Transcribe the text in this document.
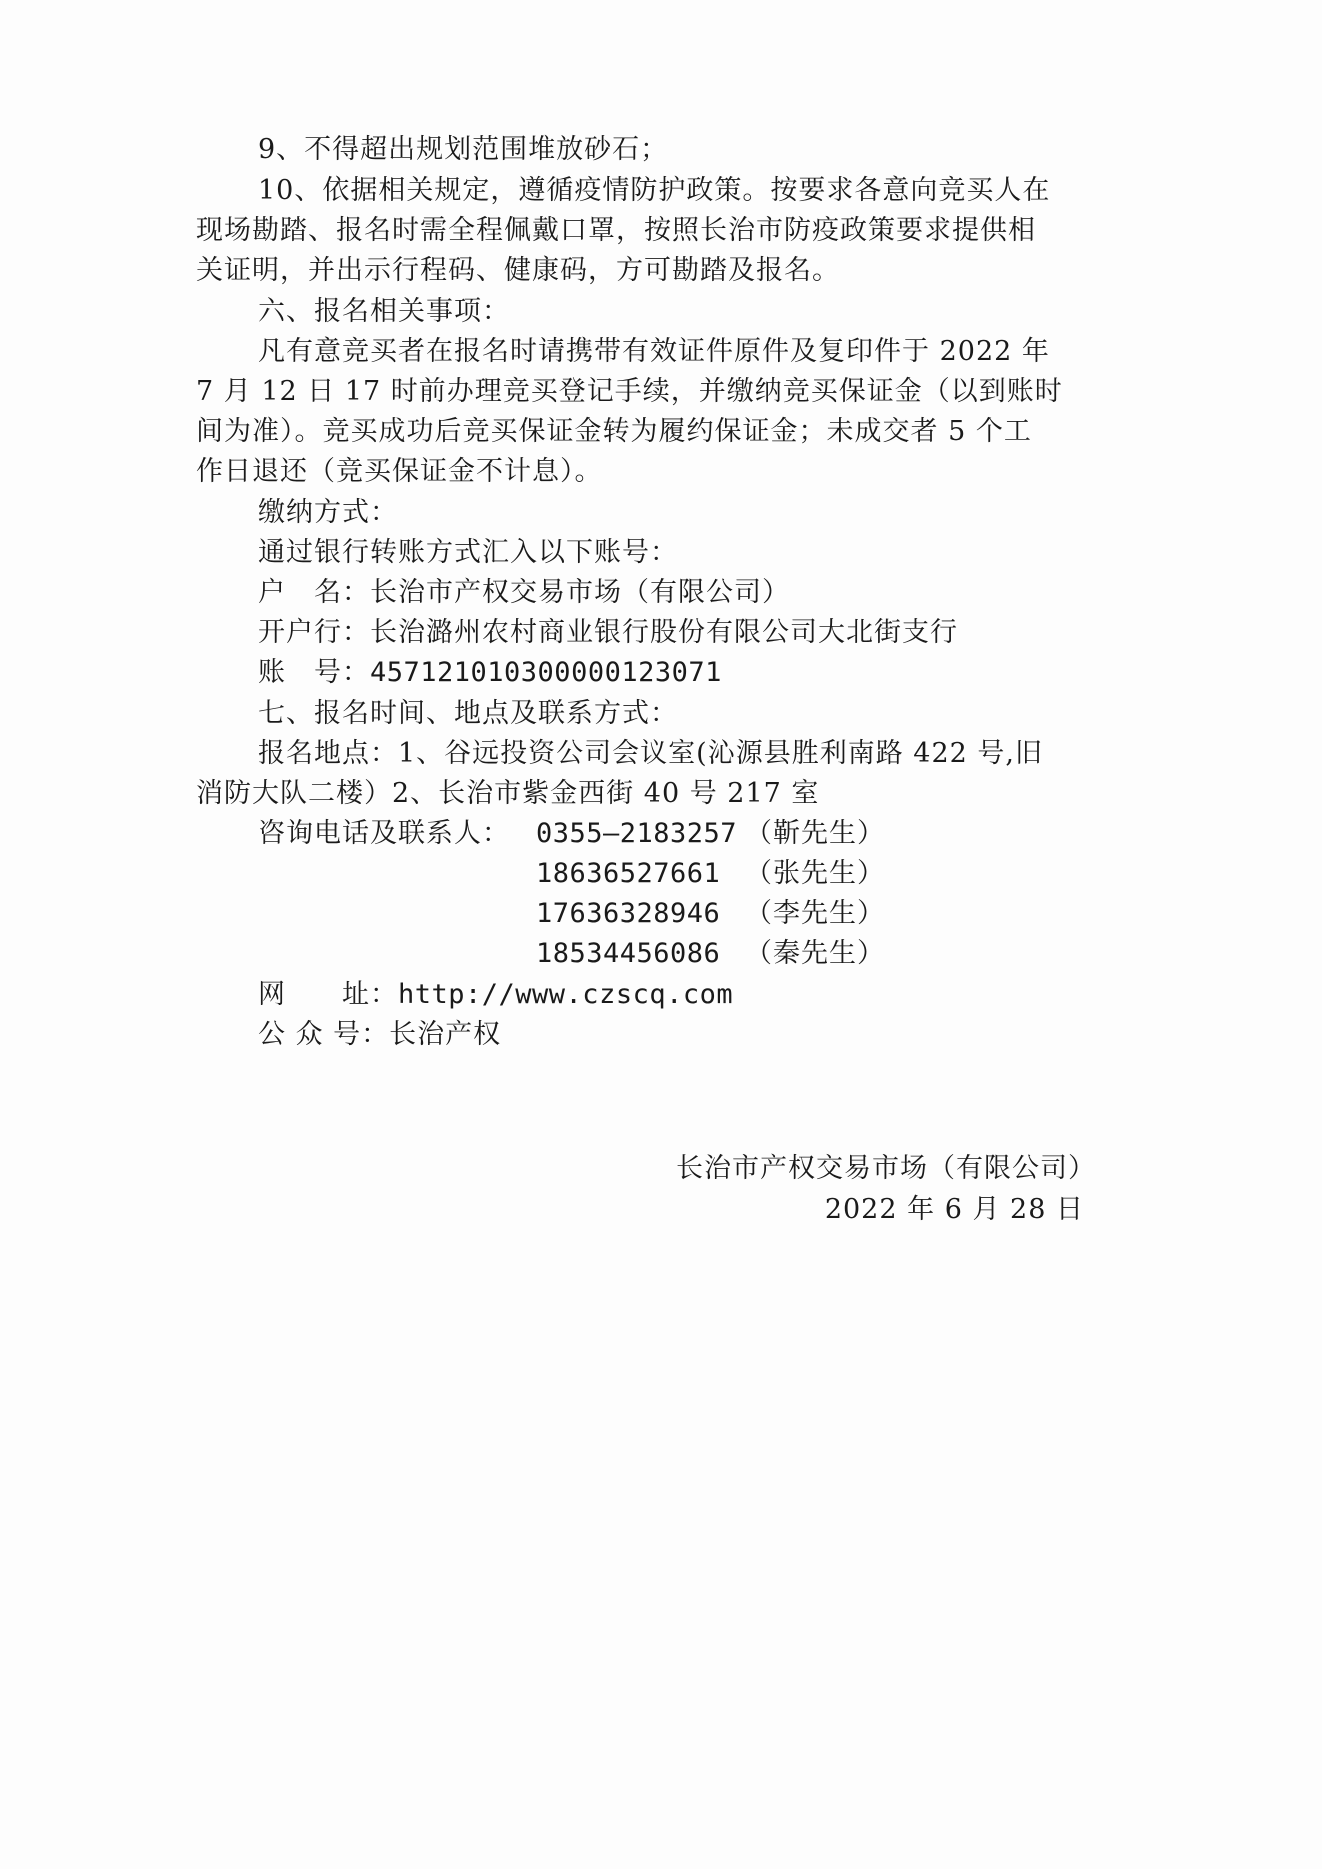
9、不得超出规划范围堆放砂石；
10、依据相关规定，遵循疫情防护政策。按要求各意向竞买人在
现场勘踏、报名时需全程佩戴口罩，按照长治市防疫政策要求提供相
关证明，并出示行程码、健康码，方可勘踏及报名。
六、报名相关事项：
凡有意竞买者在报名时请携带有效证件原件及复印件于 2022 年
7 月 12 日 17 时前办理竞买登记手续，并缴纳竞买保证金（以到账时
间为准）。竞买成功后竞买保证金转为履约保证金；未成交者 5 个工
作日退还（竞买保证金不计息）。
缴纳方式：
通过银行转账方式汇入以下账号：
户　名：长治市产权交易市场（有限公司）
开户行：长治潞州农村商业银行股份有限公司大北街支行
账　号：457121010300000123071
七、报名时间、地点及联系方式：
报名地点：1、谷远投资公司会议室(沁源县胜利南路 422 号,旧
消防大队二楼）2、长治市紫金西街 40 号 217 室
咨询电话及联系人： 0355—2183257 （靳先生）
18636527661 （张先生）
17636328946 （李先生）
18534456086 （秦先生）
网　　址：http://www.czscq.com
公 众 号：长治产权
长治市产权交易市场（有限公司）
2022 年 6 月 28 日
